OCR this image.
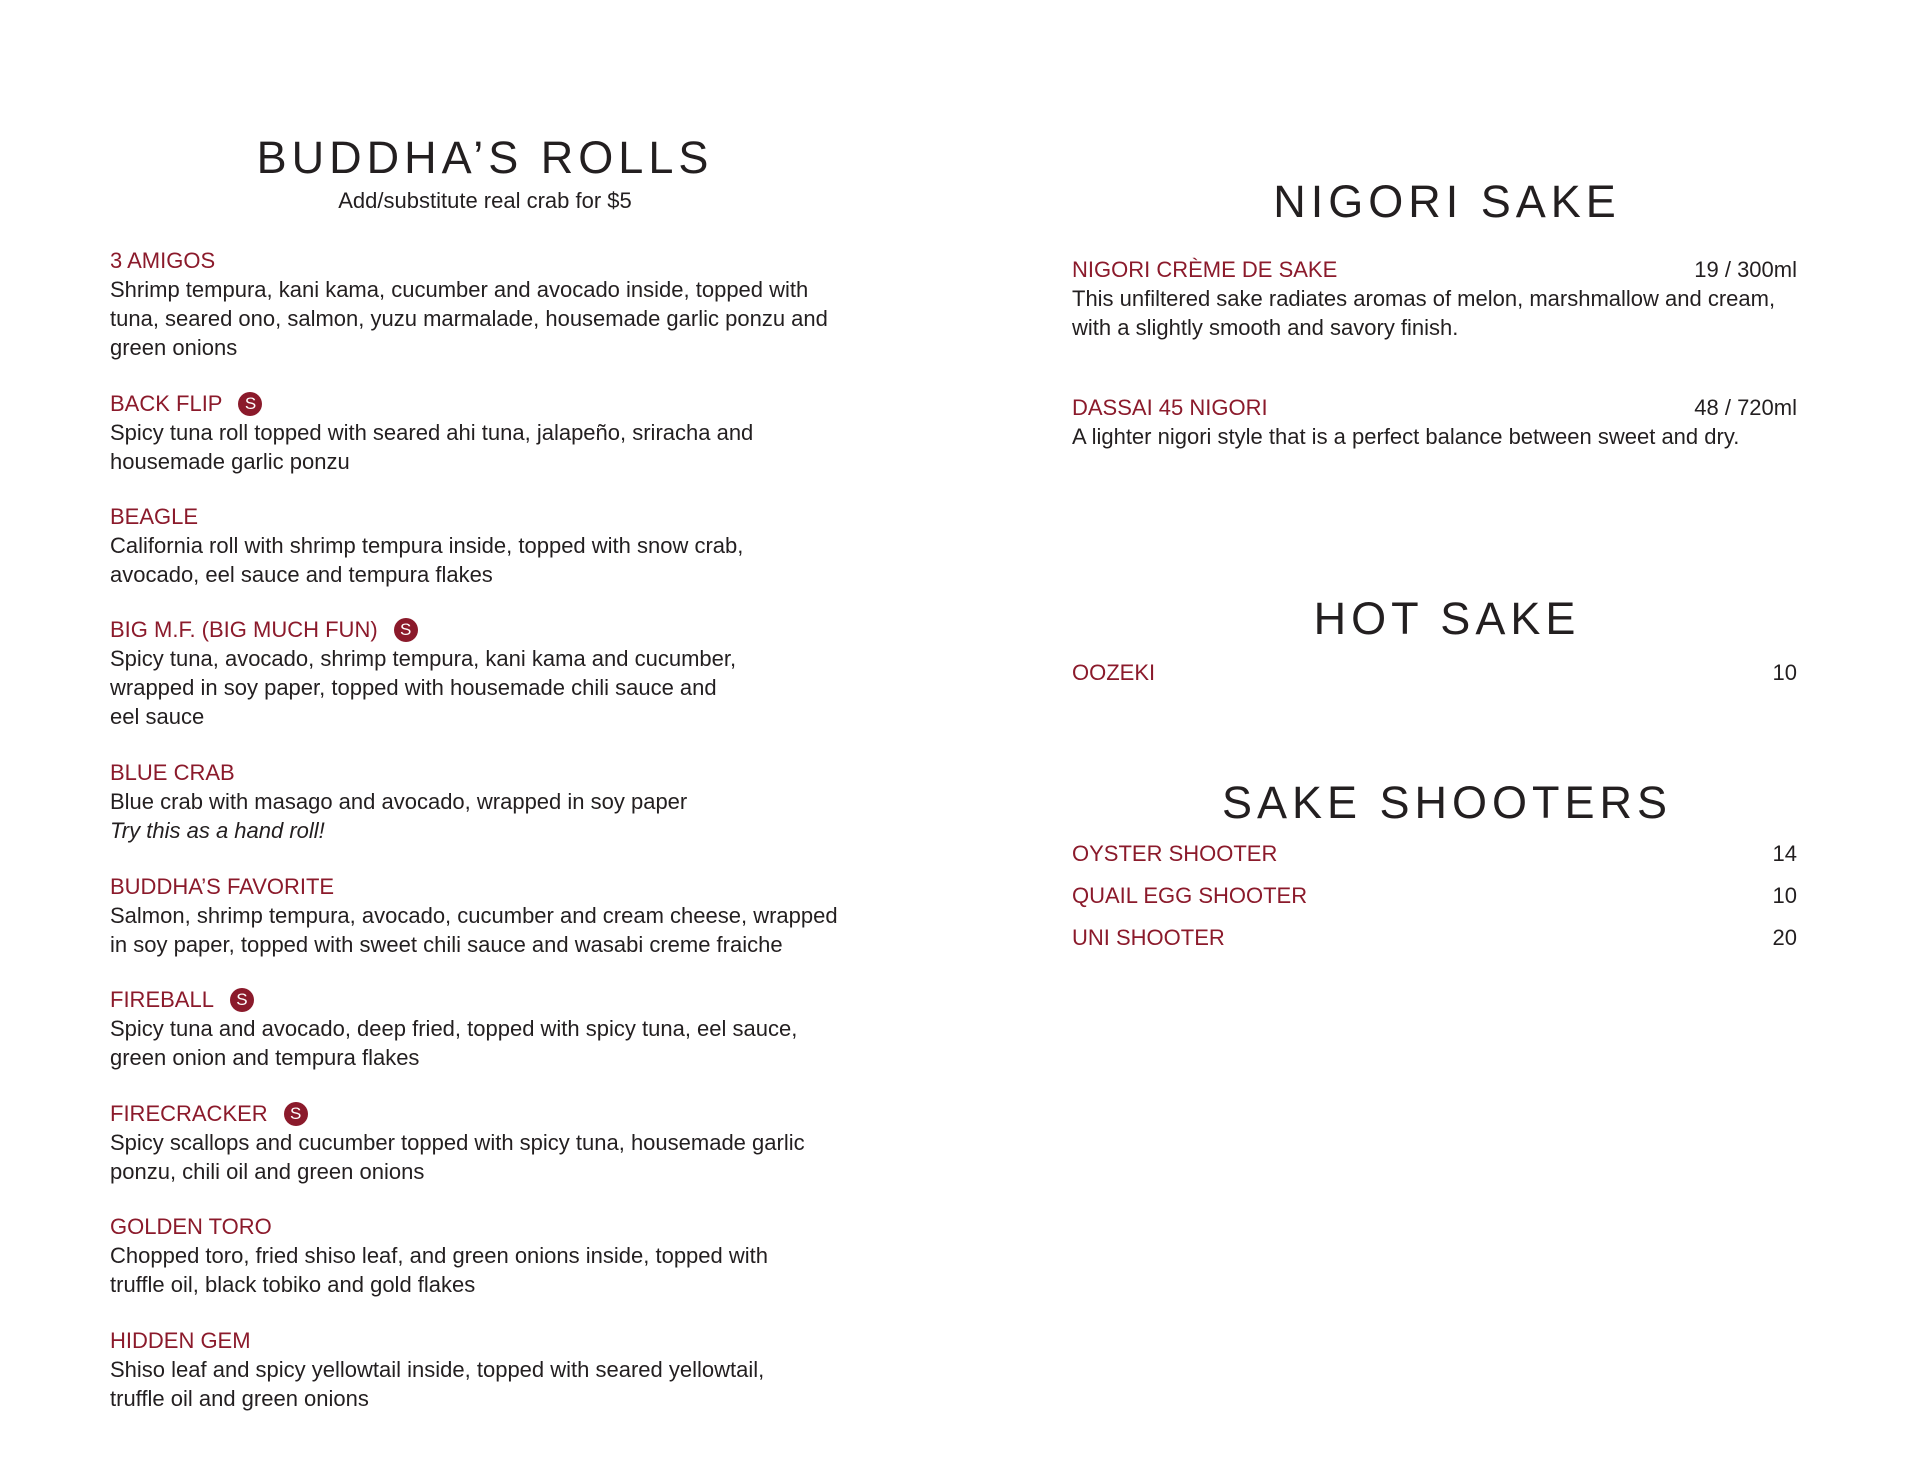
BUDDHA’S ROLLS
Add/substitute real crab for $5
3 AMIGOS
Shrimp tempura, kani kama, cucumber and avocado inside, topped with
tuna, seared ono, salmon, yuzu marmalade, housemade garlic ponzu and
green onions
BACK FLIP	S
Spicy tuna roll topped with seared ahi tuna, jalapeño, sriracha and
housemade garlic ponzu
BEAGLE
California roll with shrimp tempura inside, topped with snow crab,
avocado, eel sauce and tempura flakes
BIG M.F. (BIG MUCH FUN)	S
Spicy tuna, avocado, shrimp tempura, kani kama and cucumber,
wrapped in soy paper, topped with housemade chili sauce and
eel sauce
BLUE CRAB
Blue crab with masago and avocado, wrapped in soy paper
Try this as a hand roll!
BUDDHA’S FAVORITE
Salmon, shrimp tempura, avocado, cucumber and cream cheese, wrapped
in soy paper, topped with sweet chili sauce and wasabi creme fraiche
FIREBALL	S
Spicy tuna and avocado, deep fried, topped with spicy tuna, eel sauce,
green onion and tempura flakes
FIRECRACKER	S
Spicy scallops and cucumber topped with spicy tuna, housemade garlic
ponzu, chili oil and green onions
GOLDEN TORO
Chopped toro, fried shiso leaf, and green onions inside, topped with
truffle oil, black tobiko and gold flakes
HIDDEN GEM
Shiso leaf and spicy yellowtail inside, topped with seared yellowtail,
truffle oil and green onions
NIGORI SAKE
NIGORI CRÈME DE SAKE	19 / 300ml
This unfiltered sake radiates aromas of melon, marshmallow and cream,
with a slightly smooth and savory finish.
DASSAI 45 NIGORI	48 / 720ml
A lighter nigori style that is a perfect balance between sweet and dry.
HOT SAKE
OOZEKI	10
SAKE SHOOTERS
OYSTER SHOOTER	14
QUAIL EGG SHOOTER	10
UNI SHOOTER	20
